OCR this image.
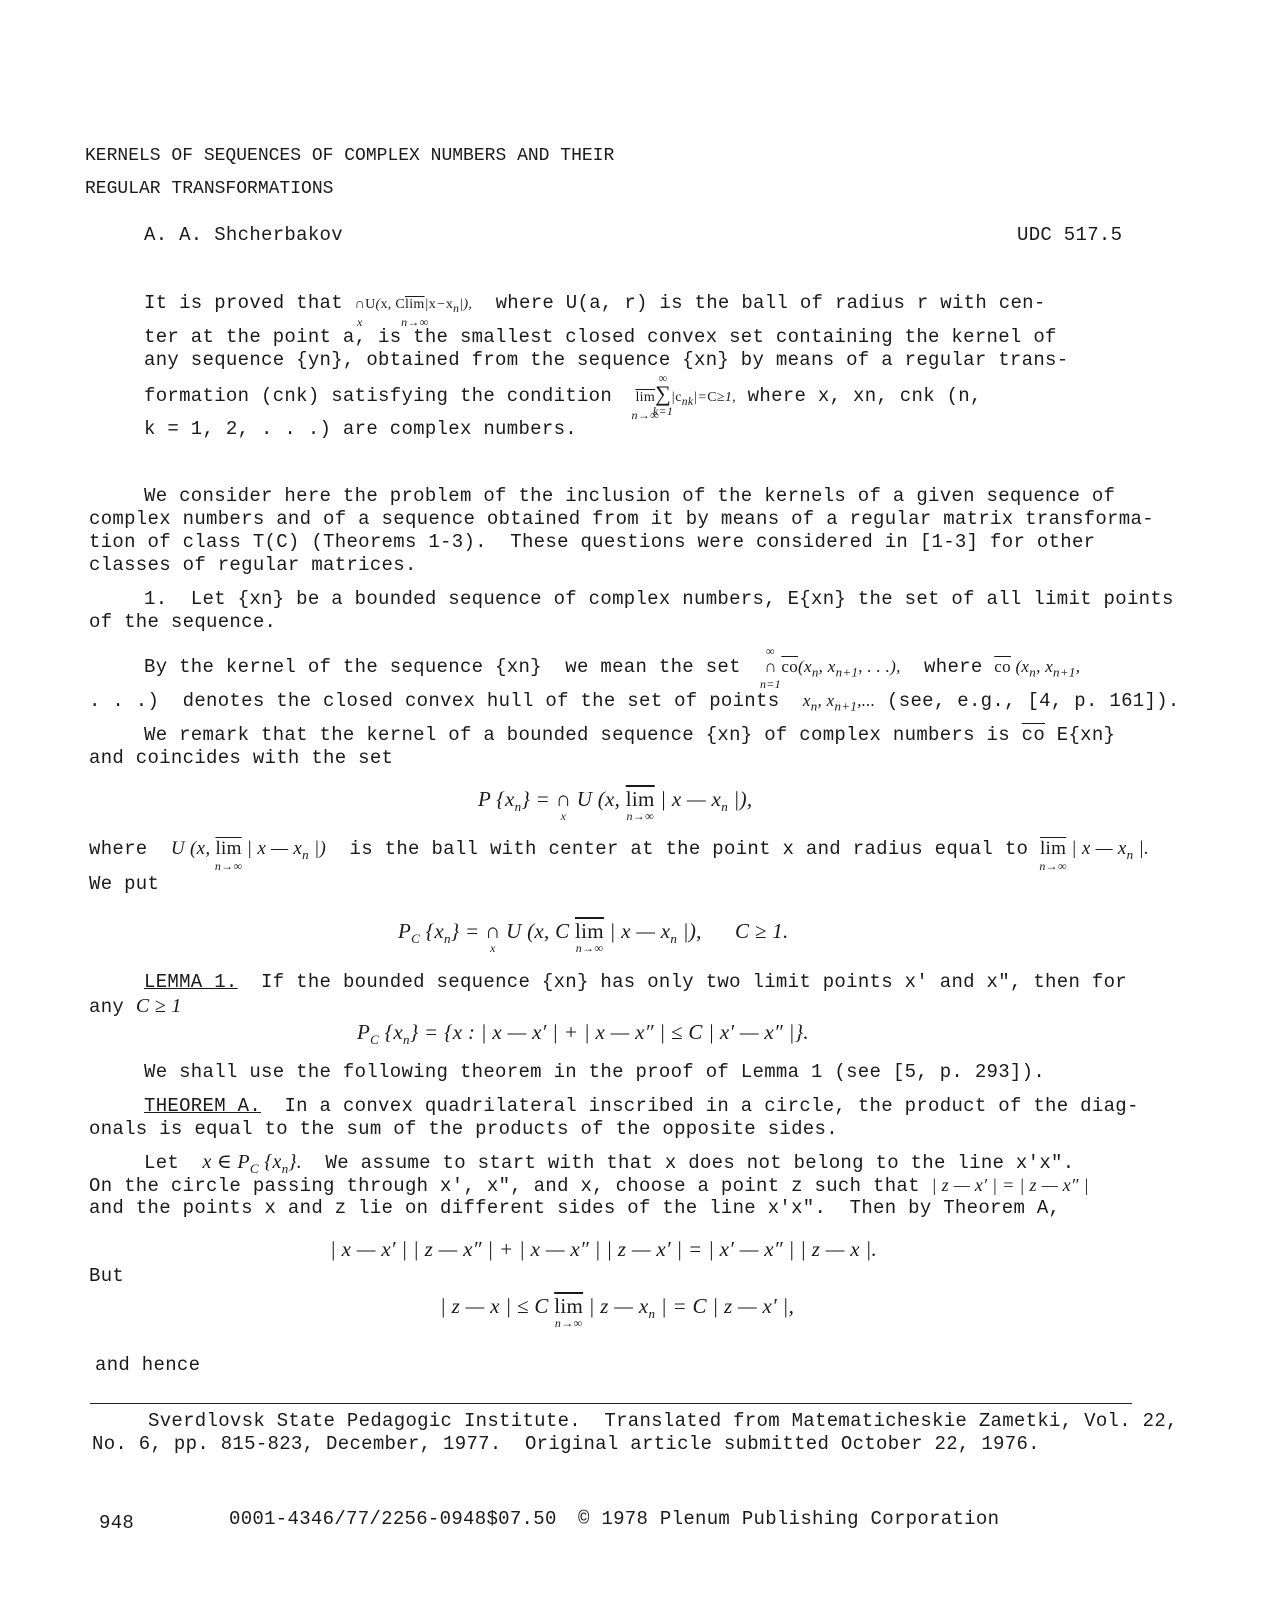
KERNELS OF SEQUENCES OF COMPLEX NUMBERS AND THEIR
REGULAR TRANSFORMATIONS
A. A. Shcherbakov	UDC 517.5
It is proved that ∩
x
U(x, $C\overline{lim}$
n→∞
$|x-x_n|$), where U(a, r) is the ball of radius r with cen-
ter at the point a, is the smallest closed convex set containing the kernel of
any sequence {yn}, obtained from the sequence {xn} by means of a regular trans-
formation (cnk) satisfying the condition $\overline{lim}$
n→∞
∑
k=1
∞
$|c_{nk}|=C\ge 1$, where x, xn, cnk (n,
k = 1, 2, . . .) are complex numbers.
We consider here the problem of the inclusion of the kernels of a given sequence of
complex numbers and of a sequence obtained from it by means of a regular matrix transforma-
tion of class T(C) (Theorems 1-3).  These questions were considered in [1-3] for other
classes of regular matrices.
1.  Let {xn} be a bounded sequence of complex numbers, E{xn} the set of all limit points
of the sequence.
By the kernel of the sequence {xn}  we mean the set ∩
n=1
∞
$\overline{co}(x_n$, $x_{n+1}$, . . .), where $\overline{co}$ ($x_n$, $x_{n+1}$,
. . .)  denotes the closed convex hull of the set of points $x_n$, $x_{n+1}$,... (see, e.g., [4, p. 161]).
We remark that the kernel of a bounded sequence {xn} of complex numbers is $\overline{co}$ E{xn}
and coincides with the set
P $\{x_n\}$ = ∩
x
U (x, $\overline{lim}$
n→∞
| x — $x_n$ |),
where U (x, $\overline{lim}$
n→∞
| x — $x_n$ |) is the ball with center at the point x and radius equal to $\overline{lim}$
n→∞
| x — $x_n$ |.
We put
$P_C$ $\{x_n\}$ = ∩
x
U (x, C $\overline{lim}$
n→∞
| x — $x_n$ |),      C ≥ 1.
LEMMA 1. If the bounded sequence {xn} has only two limit points x' and x", then for
any C ≥ 1
$P_C$ $\{x_n\} = \{x$ : | x — x′ | + | x — x″ | ≤ C | x′ — x″ |}.
We shall use the following theorem in the proof of Lemma 1 (see [5, p. 293]).
THEOREM A. In a convex quadrilateral inscribed in a circle, the product of the diag-
onals is equal to the sum of the products of the opposite sides.
Let x ∈ $P_C$ $\{x_n\}$. We assume to start with that x does not belong to the line x'x".
On the circle passing through x', x", and x, choose a point z such that | z — x′ | = | z — x″ |
and the points x and z lie on different sides of the line x'x".  Then by Theorem A,
| x — x′ | | z — x″ | + | x — x″ | | z — x′ | = | x′ — x″ | | z — x |.
But
| z — x | ≤ C $\overline{lim}$
n→∞
| z — $x_n$ | = C | z — x′ |,
and hence
Sverdlovsk State Pedagogic Institute.  Translated from Matematicheskie Zametki, Vol. 22,
No. 6, pp. 815-823, December, 1977.  Original article submitted October 22, 1976.
948	0001-4346/77/2256-0948$07.50 © 1978 Plenum Publishing Corporation
